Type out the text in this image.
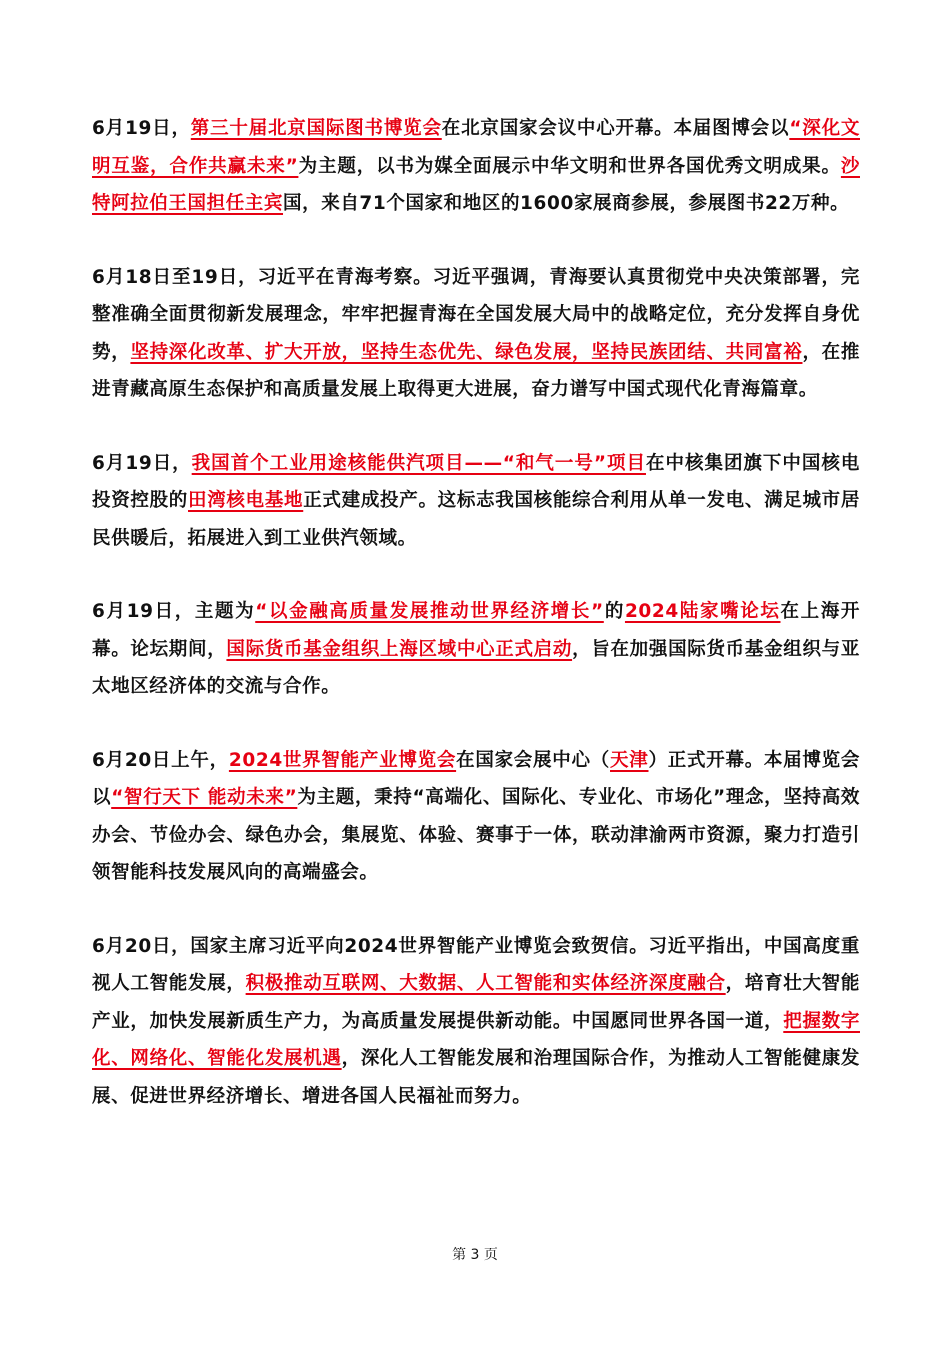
6月19日，第三十届北京国际图书博览会在北京国家会议中心开幕。本届图博会以“深化文明互鉴，合作共赢未来”为主题，以书为媒全面展示中华文明和世界各国优秀文明成果。沙特阿拉伯王国担任主宾国，来自71个国家和地区的1600家展商参展，参展图书22万种。

6月18日至19日，习近平在青海考察。习近平强调，青海要认真贯彻党中央决策部署，完整准确全面贯彻新发展理念，牢牢把握青海在全国发展大局中的战略定位，充分发挥自身优势，坚持深化改革、扩大开放，坚持生态优先、绿色发展，坚持民族团结、共同富裕，在推进青藏高原生态保护和高质量发展上取得更大进展，奋力谱写中国式现代化青海篇章。

6月19日，我国首个工业用途核能供汽项目——“和气一号”项目在中核集团旗下中国核电投资控股的田湾核电基地正式建成投产。这标志我国核能综合利用从单一发电、满足城市居民供暖后，拓展进入到工业供汽领域。

6月19日，主题为“以金融高质量发展推动世界经济增长”的2024陆家嘴论坛在上海开幕。论坛期间，国际货币基金组织上海区域中心正式启动，旨在加强国际货币基金组织与亚太地区经济体的交流与合作。

6月20日上午，2024世界智能产业博览会在国家会展中心（天津）正式开幕。本届博览会以“智行天下 能动未来”为主题，秉持“高端化、国际化、专业化、市场化”理念，坚持高效办会、节俭办会、绿色办会，集展览、体验、赛事于一体，联动津渝两市资源，聚力打造引领智能科技发展风向的高端盛会。

6月20日，国家主席习近平向2024世界智能产业博览会致贺信。习近平指出，中国高度重视人工智能发展，积极推动互联网、大数据、人工智能和实体经济深度融合，培育壮大智能产业，加快发展新质生产力，为高质量发展提供新动能。中国愿同世界各国一道，把握数字化、网络化、智能化发展机遇，深化人工智能发展和治理国际合作，为推动人工智能健康发展、促进世界经济增长、增进各国人民福祉而努力。

第 3 页
